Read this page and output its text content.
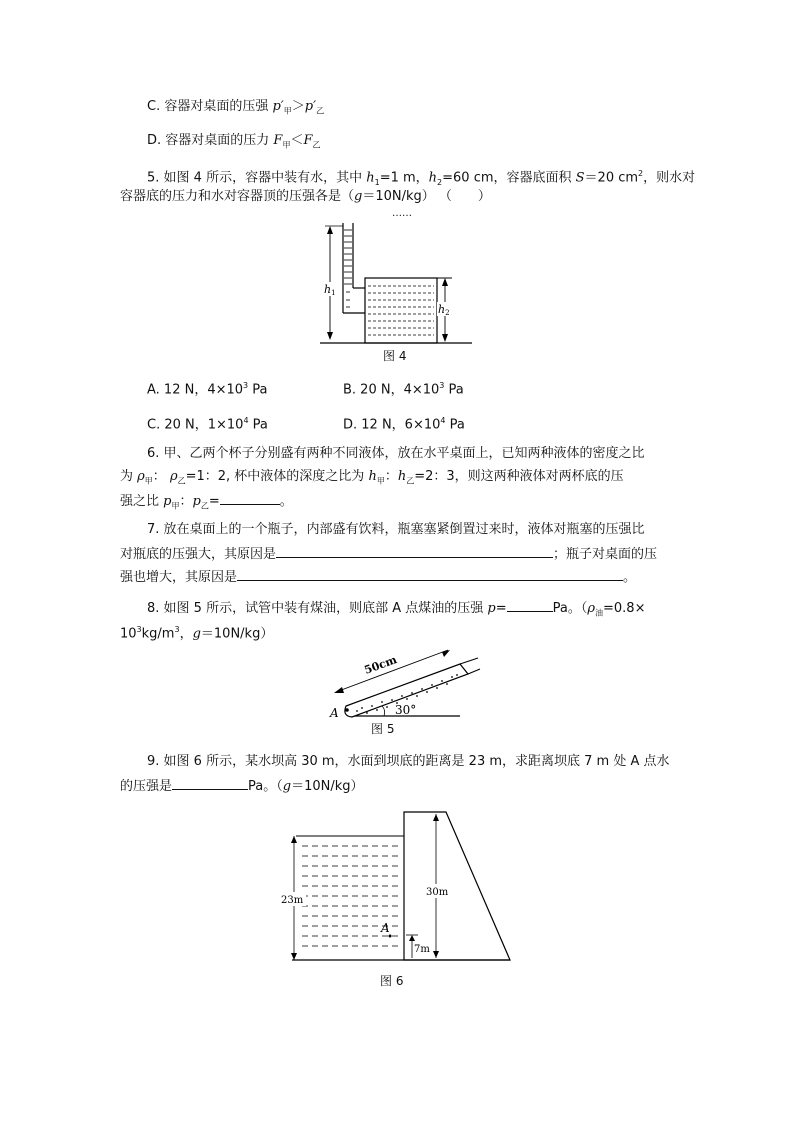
C. 容器对桌面的压强 $p'_甲>p'_乙$
D. 容器对桌面的压力 $F_甲<F_乙$
5. 如图 4 所示，容器中装有水，其中 $h_1=1$ m，$h_2=60$ cm，容器底面积 S＝20 $cm^2$，则水对
容器底的压力和水对容器顶的压强各是（g＝10N/kg） （　　）
……
h1
h2
图 4
A. 12 N，$4\times 10^3$ Pa	B. 20 N，$4\times 10^3$ Pa
C. 20 N，$1\times 10^4$ Pa	D. 12 N，$6\times 10^4$ Pa
6. 甲、乙两个杯子分别盛有两种不同液体，放在水平桌面上，已知两种液体的密度之比
为 $\rho_甲$： $\rho_乙=1$：2, 杯中液体的深度之比为 $h_甲$：$h_乙=2$：3，则这两种液体对两杯底的压
强之比 $p_甲$：$p_乙=$	。
7. 放在桌面上的一个瓶子，内部盛有饮料，瓶塞塞紧倒置过来时，液体对瓶塞的压强比
对瓶底的压强大，其原因是	；瓶子对桌面的压
强也增大，其原因是	。
8. 如图 5 所示，试管中装有煤油，则底部 A 点煤油的压强 p=	Pa。（$\rho_油=0.8\times$
$10^3kg/m^3$，g＝10N/kg）
50cm
A	30°
图 5
9. 如图 6 所示，某水坝高 30 m，水面到坝底的距离是 23 m，求距离坝底 7 m 处 A 点水
的压强是	Pa。（g＝10N/kg）
23m
30m
A
7m
图 6
